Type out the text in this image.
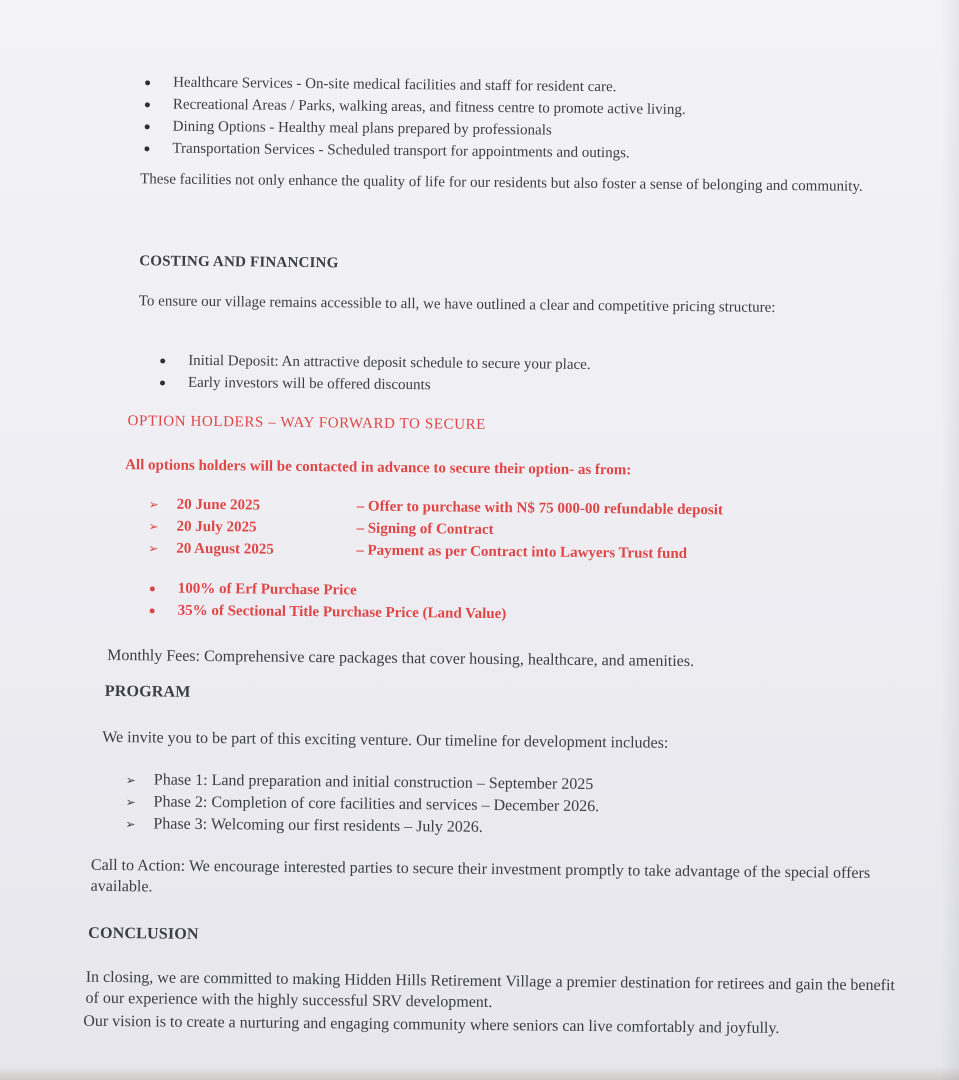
Healthcare Services - On-site medical facilities and staff for resident care.
Recreational Areas / Parks, walking areas, and fitness centre to promote active living.
Dining Options - Healthy meal plans prepared by professionals
Transportation Services - Scheduled transport for appointments and outings.

These facilities not only enhance the quality of life for our residents but also foster a sense of belonging and community.

COSTING AND FINANCING

To ensure our village remains accessible to all, we have outlined a clear and competitive pricing structure:

Initial Deposit: An attractive deposit schedule to secure your place.
Early investors will be offered discounts
OPTION HOLDERS – WAY FORWARD TO SECURE

All options holders will be contacted in advance to secure their option- as from:

➢ 20 June 2025	– Offer to purchase with N$ 75 000-00 refundable deposit
➢ 20 July 2025	– Signing of Contract
➢ 20 August 2025	– Payment as per Contract into Lawyers Trust fund
100% of Erf Purchase Price
35% of Sectional Title Purchase Price (Land Value)

Monthly Fees: Comprehensive care packages that cover housing, healthcare, and amenities.

PROGRAM

We invite you to be part of this exciting venture. Our timeline for development includes:

➢ Phase 1: Land preparation and initial construction – September 2025
➢ Phase 2: Completion of core facilities and services – December 2026.
➢ Phase 3: Welcoming our first residents – July 2026.

Call to Action: We encourage interested parties to secure their investment promptly to take advantage of the special offers available.

CONCLUSION

In closing, we are committed to making Hidden Hills Retirement Village a premier destination for retirees and gain the benefit of our experience with the highly successful SRV development.

Our vision is to create a nurturing and engaging community where seniors can live comfortably and joyfully.
